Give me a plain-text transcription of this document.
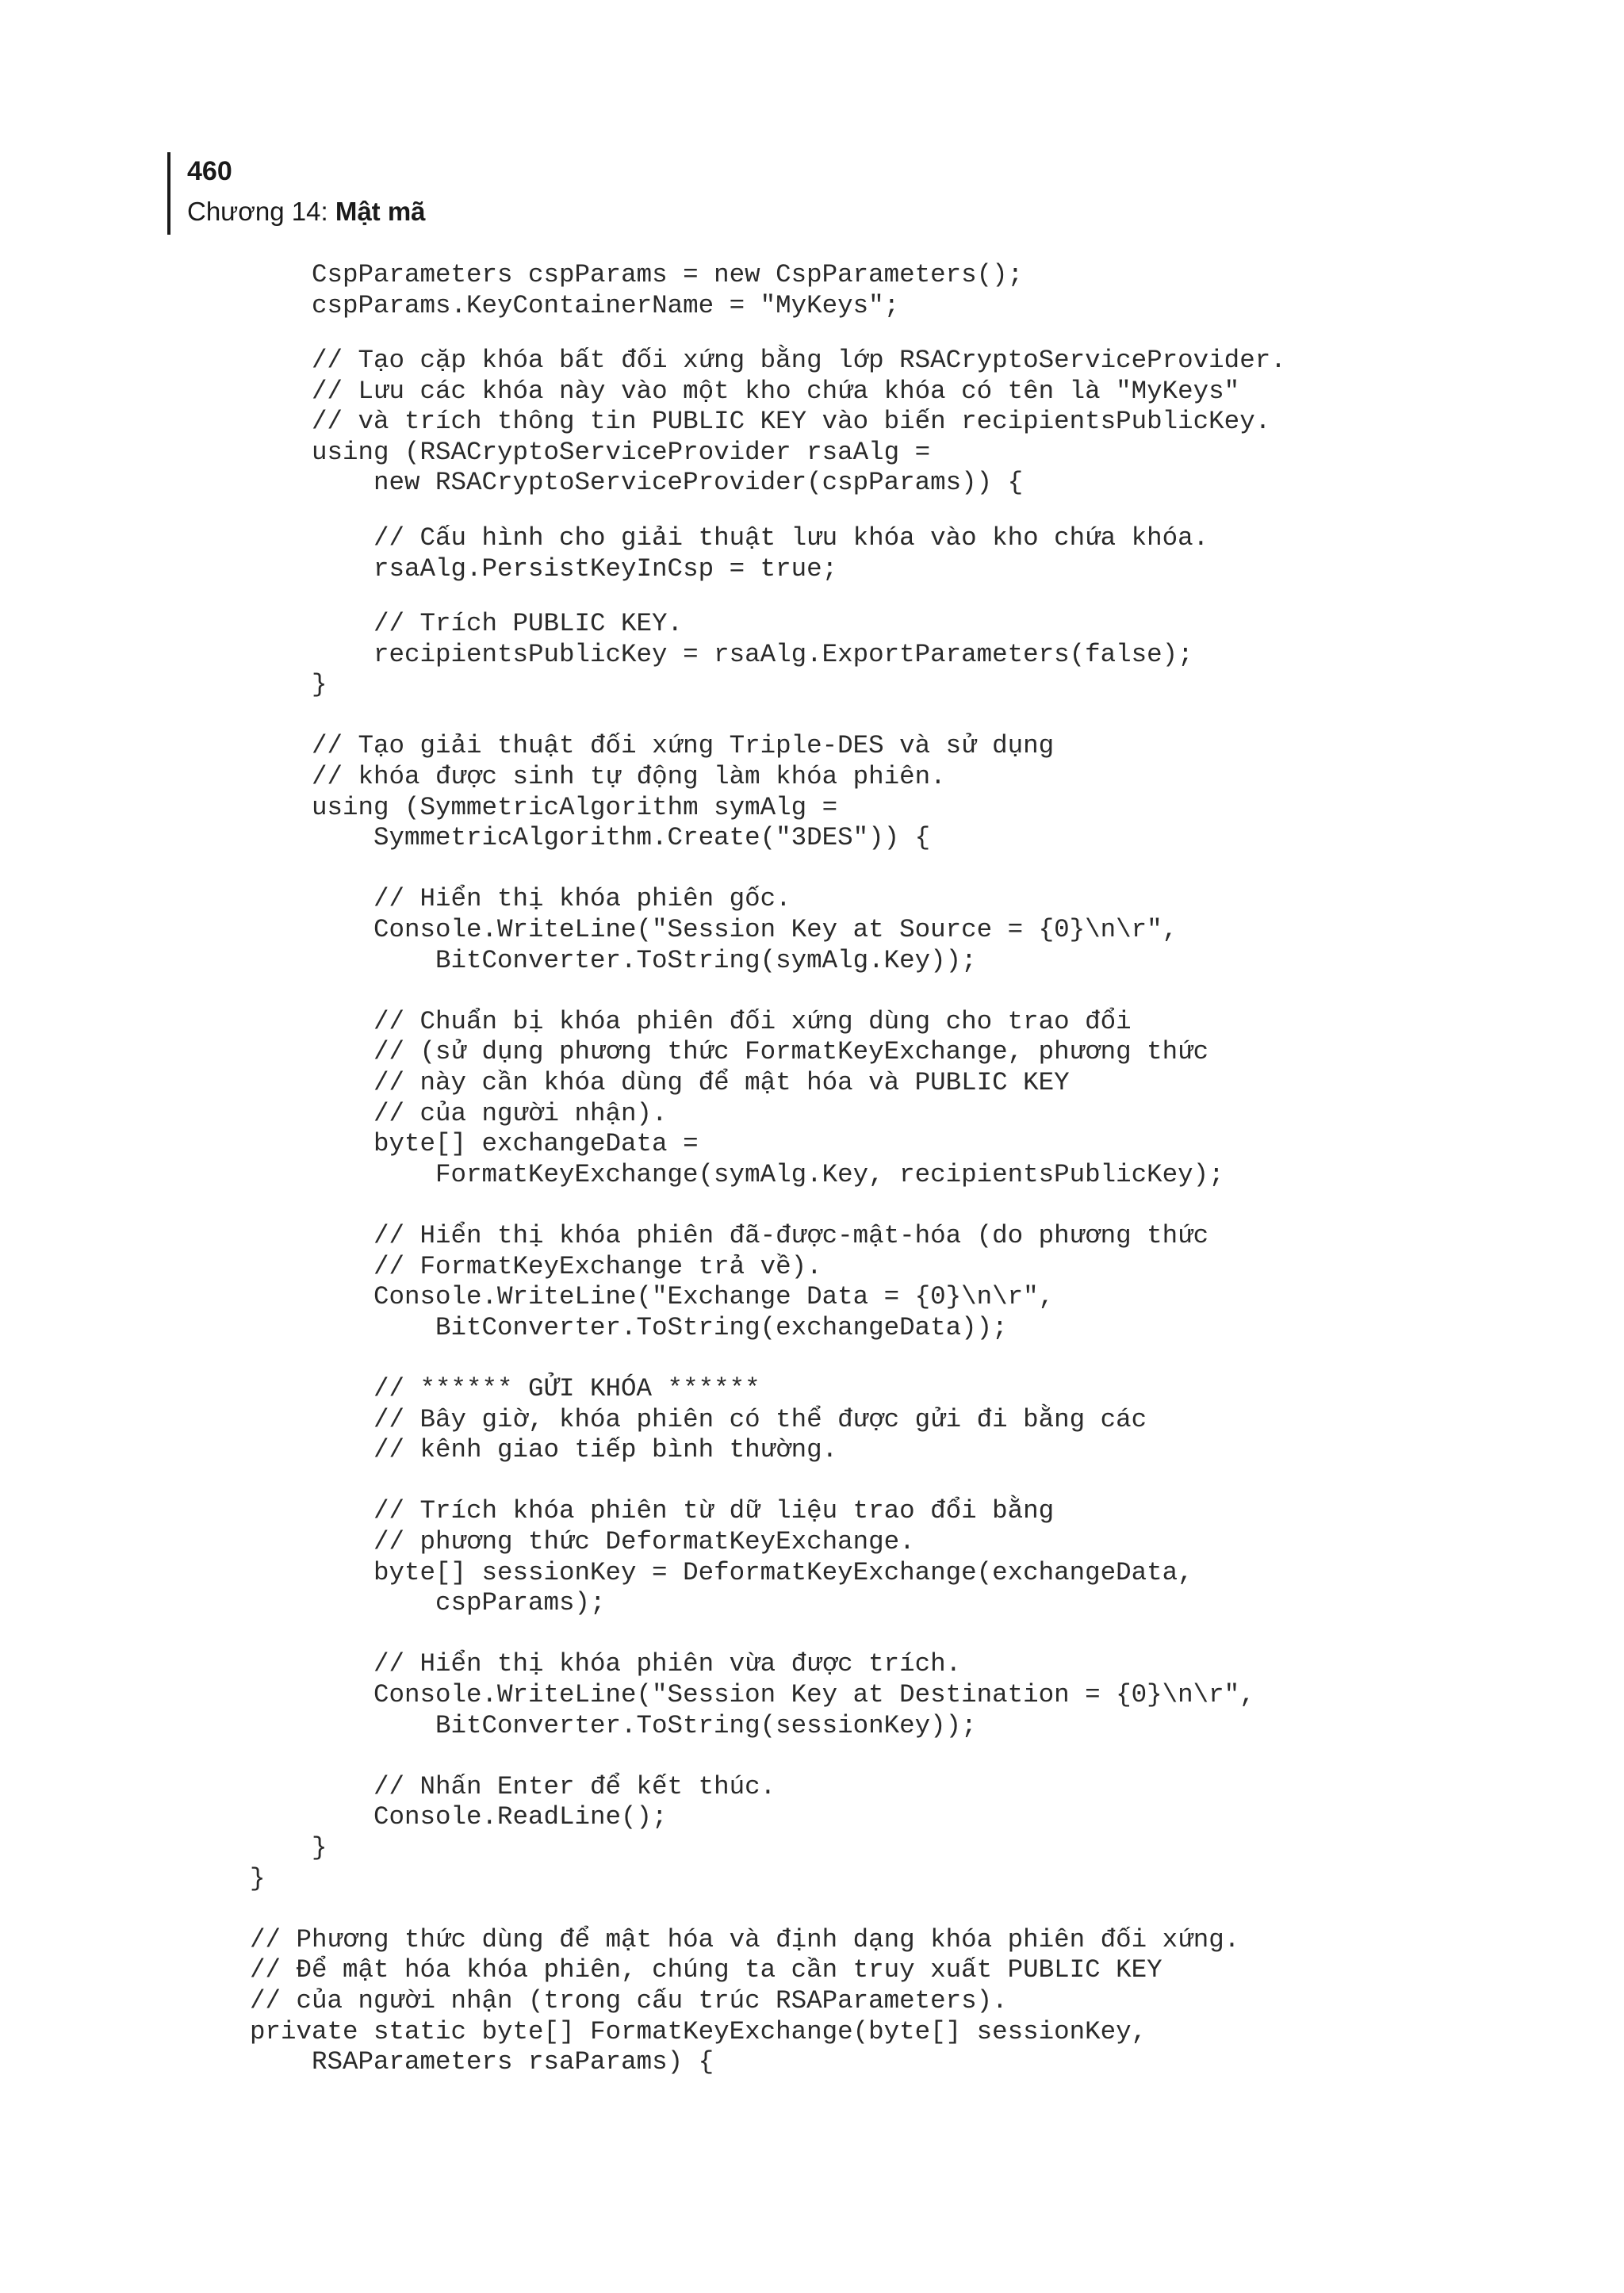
460
Chương 14: Mật mã
CspParameters cspParams = new CspParameters();
cspParams.KeyContainerName = "MyKeys";
// Tạo cặp khóa bất đối xứng bằng lớp RSACryptoServiceProvider.
// Lưu các khóa này vào một kho chứa khóa có tên là "MyKeys"
// và trích thông tin PUBLIC KEY vào biến recipientsPublicKey.
using (RSACryptoServiceProvider rsaAlg =
new RSACryptoServiceProvider(cspParams)) {
// Cấu hình cho giải thuật lưu khóa vào kho chứa khóa.
rsaAlg.PersistKeyInCsp = true;
// Trích PUBLIC KEY.
recipientsPublicKey = rsaAlg.ExportParameters(false);
}
// Tạo giải thuật đối xứng Triple-DES và sử dụng
// khóa được sinh tự động làm khóa phiên.
using (SymmetricAlgorithm symAlg =
SymmetricAlgorithm.Create("3DES")) {
// Hiển thị khóa phiên gốc.
Console.WriteLine("Session Key at Source = {0}\n\r",
BitConverter.ToString(symAlg.Key));
// Chuẩn bị khóa phiên đối xứng dùng cho trao đổi
// (sử dụng phương thức FormatKeyExchange, phương thức
// này cần khóa dùng để mật hóa và PUBLIC KEY
// của người nhận).
byte[] exchangeData =
FormatKeyExchange(symAlg.Key, recipientsPublicKey);
// Hiển thị khóa phiên đã-được-mật-hóa (do phương thức
// FormatKeyExchange trả về).
Console.WriteLine("Exchange Data = {0}\n\r",
BitConverter.ToString(exchangeData));
// ****** GỬI KHÓA ******
// Bây giờ, khóa phiên có thể được gửi đi bằng các
// kênh giao tiếp bình thường.
// Trích khóa phiên từ dữ liệu trao đổi bằng
// phương thức DeformatKeyExchange.
byte[] sessionKey = DeformatKeyExchange(exchangeData,
cspParams);
// Hiển thị khóa phiên vừa được trích.
Console.WriteLine("Session Key at Destination = {0}\n\r",
BitConverter.ToString(sessionKey));
// Nhấn Enter để kết thúc.
Console.ReadLine();
}
}
// Phương thức dùng để mật hóa và định dạng khóa phiên đối xứng.
// Để mật hóa khóa phiên, chúng ta cần truy xuất PUBLIC KEY
// của người nhận (trong cấu trúc RSAParameters).
private static byte[] FormatKeyExchange(byte[] sessionKey,
RSAParameters rsaParams) {
